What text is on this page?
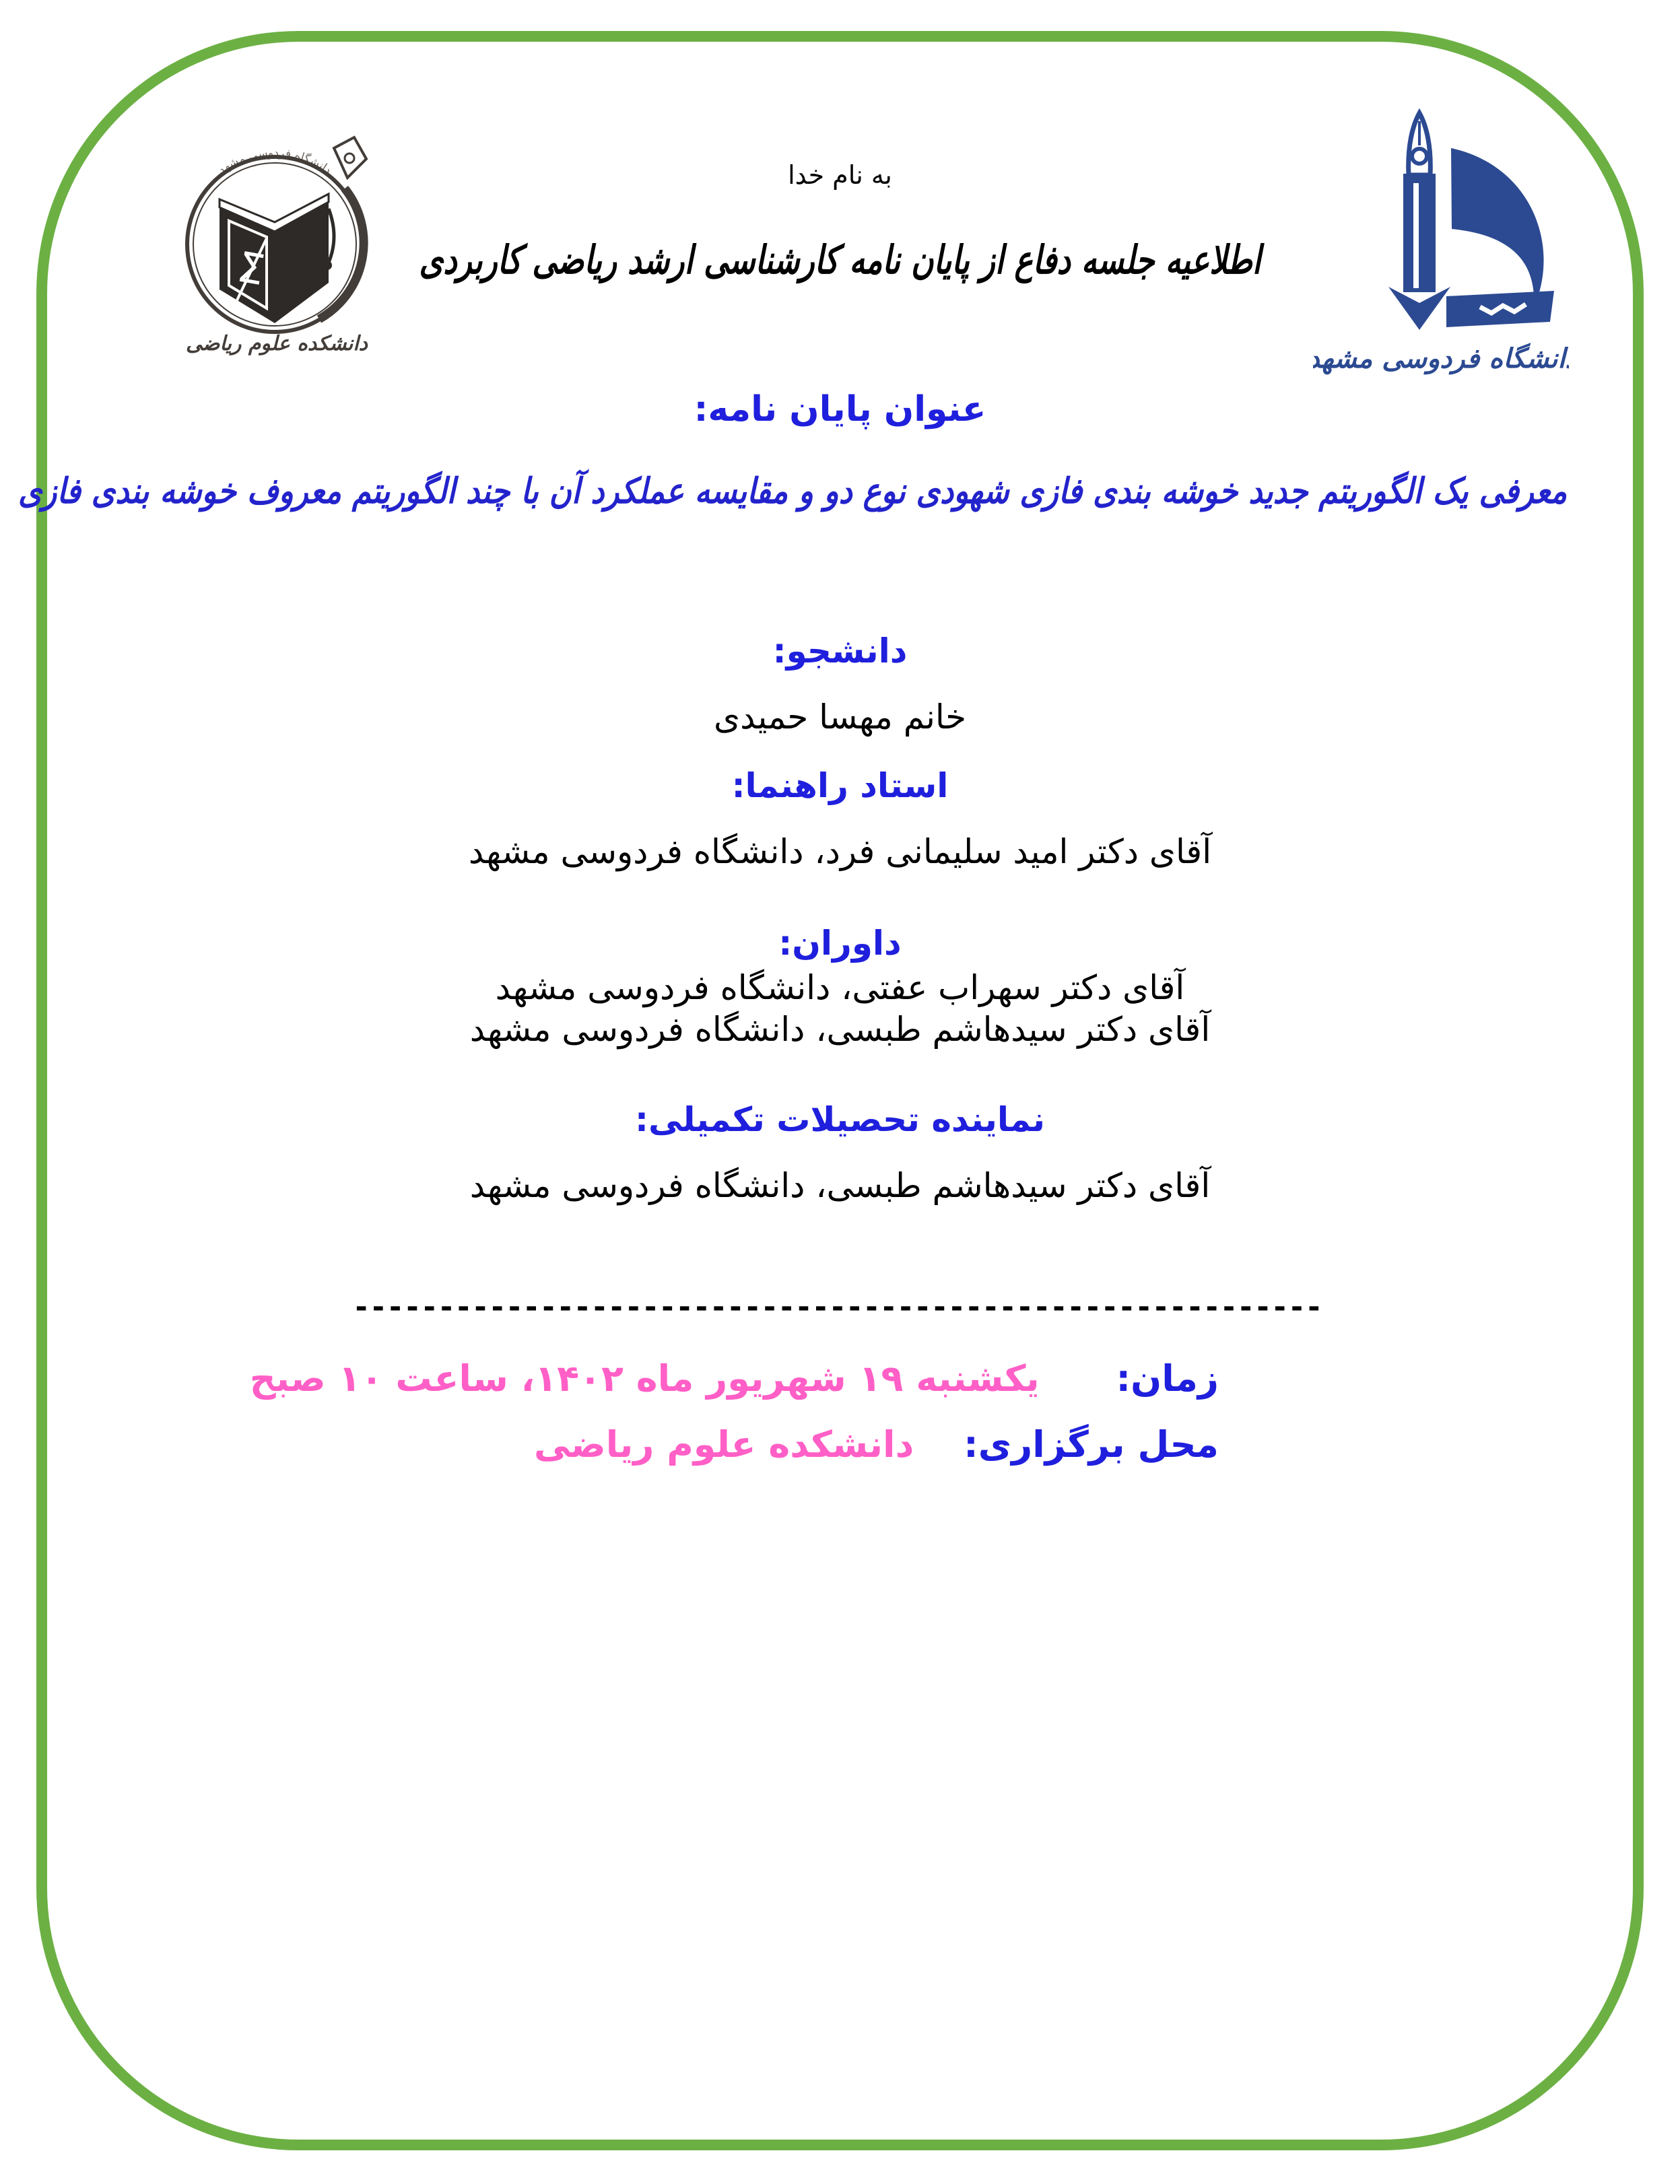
دانشگاه فردوسی مشهد
دانشکده علوم ریاضی	دانشگاه فردوسی مشهد
به نام خدا
اطلاعیه جلسه دفاع از پایان نامه کارشناسی ارشد ریاضی کاربردی
عنوان پایان نامه:
معرفی یک الگوریتم جدید خوشه بندی فازی شهودی نوع دو و مقایسه عملکرد آن با چند الگوریتم معروف خوشه بندی فازی
دانشجو:
خانم مهسا حمیدی
استاد راهنما:
آقای دکتر امید سلیمانی فرد، دانشگاه فردوسی مشهد
داوران:
آقای دکتر سهراب عفتی، دانشگاه فردوسی مشهد
آقای دکتر سیدهاشم طبسی، دانشگاه فردوسی مشهد
نماینده تحصیلات تکمیلی:
آقای دکتر سیدهاشم طبسی، دانشگاه فردوسی مشهد
---------------------------------------------------------
زمان: یکشنبه ۱۹ شهریور ماه ۱۴۰۲، ساعت ۱۰ صبح
محل برگزاری: دانشکده علوم ریاضی
